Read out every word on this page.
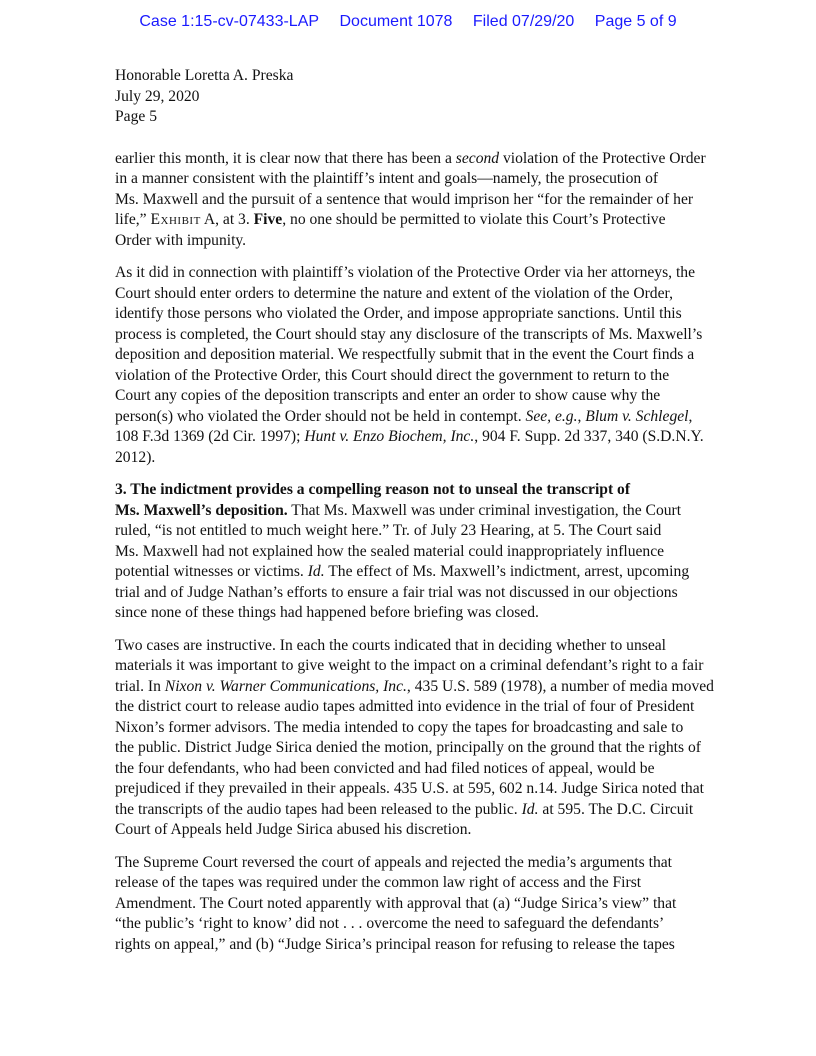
Case 1:15-cv-07433-LAP Document 1078 Filed 07/29/20 Page 5 of 9
Honorable Loretta A. Preska
July 29, 2020
Page 5
earlier this month, it is clear now that there has been a second violation of the Protective Order
in a manner consistent with the plaintiff’s intent and goals—namely, the prosecution of
Ms. Maxwell and the pursuit of a sentence that would imprison her “for the remainder of her
life,” Exhibit A, at 3. Five, no one should be permitted to violate this Court’s Protective
Order with impunity.
As it did in connection with plaintiff’s violation of the Protective Order via her attorneys, the
Court should enter orders to determine the nature and extent of the violation of the Order,
identify those persons who violated the Order, and impose appropriate sanctions. Until this
process is completed, the Court should stay any disclosure of the transcripts of Ms. Maxwell’s
deposition and deposition material. We respectfully submit that in the event the Court finds a
violation of the Protective Order, this Court should direct the government to return to the
Court any copies of the deposition transcripts and enter an order to show cause why the
person(s) who violated the Order should not be held in contempt. See, e.g., Blum v. Schlegel,
108 F.3d 1369 (2d Cir. 1997); Hunt v. Enzo Biochem, Inc., 904 F. Supp. 2d 337, 340 (S.D.N.Y.
2012).
3. The indictment provides a compelling reason not to unseal the transcript of
Ms. Maxwell’s deposition. That Ms. Maxwell was under criminal investigation, the Court
ruled, “is not entitled to much weight here.” Tr. of July 23 Hearing, at 5. The Court said
Ms. Maxwell had not explained how the sealed material could inappropriately influence
potential witnesses or victims. Id. The effect of Ms. Maxwell’s indictment, arrest, upcoming
trial and of Judge Nathan’s efforts to ensure a fair trial was not discussed in our objections
since none of these things had happened before briefing was closed.
Two cases are instructive. In each the courts indicated that in deciding whether to unseal
materials it was important to give weight to the impact on a criminal defendant’s right to a fair
trial. In Nixon v. Warner Communications, Inc., 435 U.S. 589 (1978), a number of media moved
the district court to release audio tapes admitted into evidence in the trial of four of President
Nixon’s former advisors. The media intended to copy the tapes for broadcasting and sale to
the public. District Judge Sirica denied the motion, principally on the ground that the rights of
the four defendants, who had been convicted and had filed notices of appeal, would be
prejudiced if they prevailed in their appeals. 435 U.S. at 595, 602 n.14. Judge Sirica noted that
the transcripts of the audio tapes had been released to the public. Id. at 595. The D.C. Circuit
Court of Appeals held Judge Sirica abused his discretion.
The Supreme Court reversed the court of appeals and rejected the media’s arguments that
release of the tapes was required under the common law right of access and the First
Amendment. The Court noted apparently with approval that (a) “Judge Sirica’s view” that
“the public’s ‘right to know’ did not . . . overcome the need to safeguard the defendants’
rights on appeal,” and (b) “Judge Sirica’s principal reason for refusing to release the tapes
